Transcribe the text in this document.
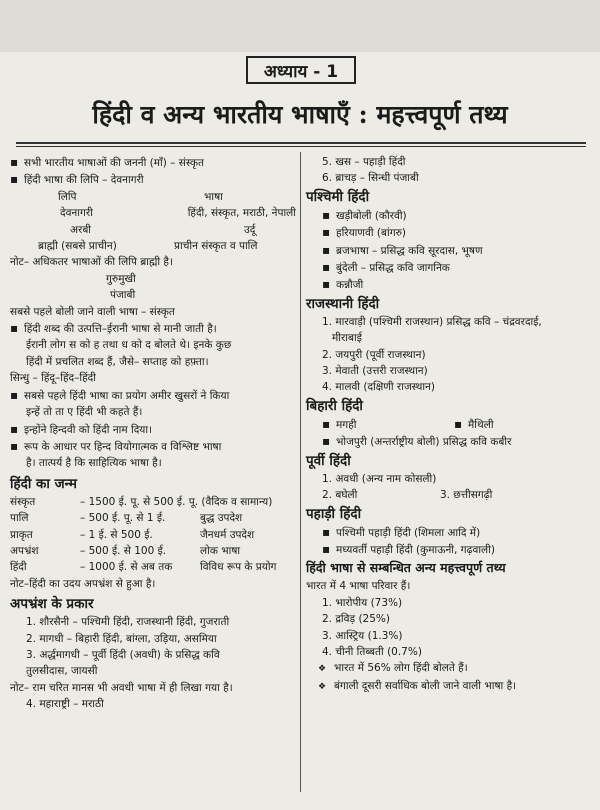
अध्याय - 1
हिंदी व अन्य भारतीय भाषाएँ : महत्त्वपूर्ण तथ्य
▪ सभी भारतीय भाषाओं की जननी (माँ) – संस्कृत
▪ हिंदी भाषा की लिपि – देवनागरी
लिपि	भाषा
देवनागरी	हिंदी, संस्कृत, मराठी, नेपाली
अरबी	उर्दू
ब्राह्मी (सबसे प्राचीन)	प्राचीन संस्कृत व पालि
नोट– अधिकतर भाषाओं की लिपि ब्राह्मी है।
गुरुमुखी
पंजाबी
सबसे पहले बोली जाने वाली भाषा – संस्कृत
▪ हिंदी शब्द की उत्पत्ति–ईरानी भाषा से मानी जाती है।
ईरानी लोग स को ह तथा ध को द बोलते थे। इनके कुछ
हिंदी में प्रचलित शब्द हैं, जैसे– सप्ताह को हफ़्ता।
सिन्धु – हिंदू–हिंद–हिंदी
▪ सबसे पहले हिंदी भाषा का प्रयोग अमीर खुसरों ने किया
इन्हें तो ता ए हिंदी भी कहते हैं।
▪ इन्होंने हिन्दवी को हिंदी नाम दिया।
▪ रूप के आधार पर हिन्द वियोगात्मक व विश्लिष्ट भाषा
है। तात्पर्य है कि साहित्यिक भाषा है।
हिंदी का जन्म
संस्कृत	– 1500 ई. पू. से 500 ई. पू. (वैदिक व सामान्य)
पालि	– 500 ई. पू. से 1 ई.	बुद्ध उपदेश
प्राकृत	– 1 ई. से 500 ई.	जैनधर्म उपदेश
अपभ्रंश	– 500 ई. से 100 ई.	लोक भाषा
हिंदी	– 1000 ई. से अब तक	विविध रूप के प्रयोग
नोट–हिंदी का उदय अपभ्रंश से हुआ है।
अपभ्रंश के प्रकार
1. शौरसैनी – पश्चिमी हिंदी, राजस्थानी हिंदी, गुजराती
2. मागधी – बिहारी हिंदी, बांग्ला, उड़िया, असमिया
3. अर्द्धमागधी – पूर्वी हिंदी (अवधी) के प्रसिद्ध कवि
तुलसीदास, जायसी
नोट– राम चरित मानस भी अवधी भाषा में ही लिखा गया है।
4. महाराष्ट्री – मराठी
5. खस – पहाड़ी हिंदी
6. ब्राचड़ – सिन्धी पंजाबी
पश्चिमी हिंदी
▪ खड़ीबोली (कौरवी)
▪ हरियाणवी (बांगरु)
▪ ब्रजभाषा – प्रसिद्ध कवि सूरदास, भूषण
▪ बुंदेली – प्रसिद्ध कवि जागनिक
▪ कन्नौजी
राजस्थानी हिंदी
1. मारवाड़ी (पश्चिमी राजस्थान) प्रसिद्ध कवि – चंद्रवरदाई,
मीराबाई
2. जयपुरी (पूर्वी राजस्थान)
3. मेवाती (उत्तरी राजस्थान)
4. मालवी (दक्षिणी राजस्थान)
बिहारी हिंदी
▪ मगही
▪	मैथिली
▪ भोजपुरी (अन्तर्राष्ट्रीय बोली) प्रसिद्ध कवि कबीर
पूर्वी हिंदी
1. अवधी (अन्य नाम कोसली)
2. बघेली	3. छत्तीसगढ़ी
पहाड़ी हिंदी
▪ पश्चिमी पहाड़ी हिंदी (शिमला आदि में)
▪ मध्यवर्ती पहाड़ी हिंदी (कुमाऊनी, गढ़वाली)
हिंदी भाषा से सम्बन्धित अन्य महत्त्वपूर्ण तथ्य
भारत में 4 भाषा परिवार हैं।
1. भारोपीय (73%)
2. द्रविड़ (25%)
3. आस्ट्रिय (1.3%)
4. चीनी तिब्बती (0.7%)
❖ भारत में 56% लोग हिंदी बोलते हैं।
❖ बंगाली दूसरी सर्वाधिक बोली जाने वाली भाषा है।
